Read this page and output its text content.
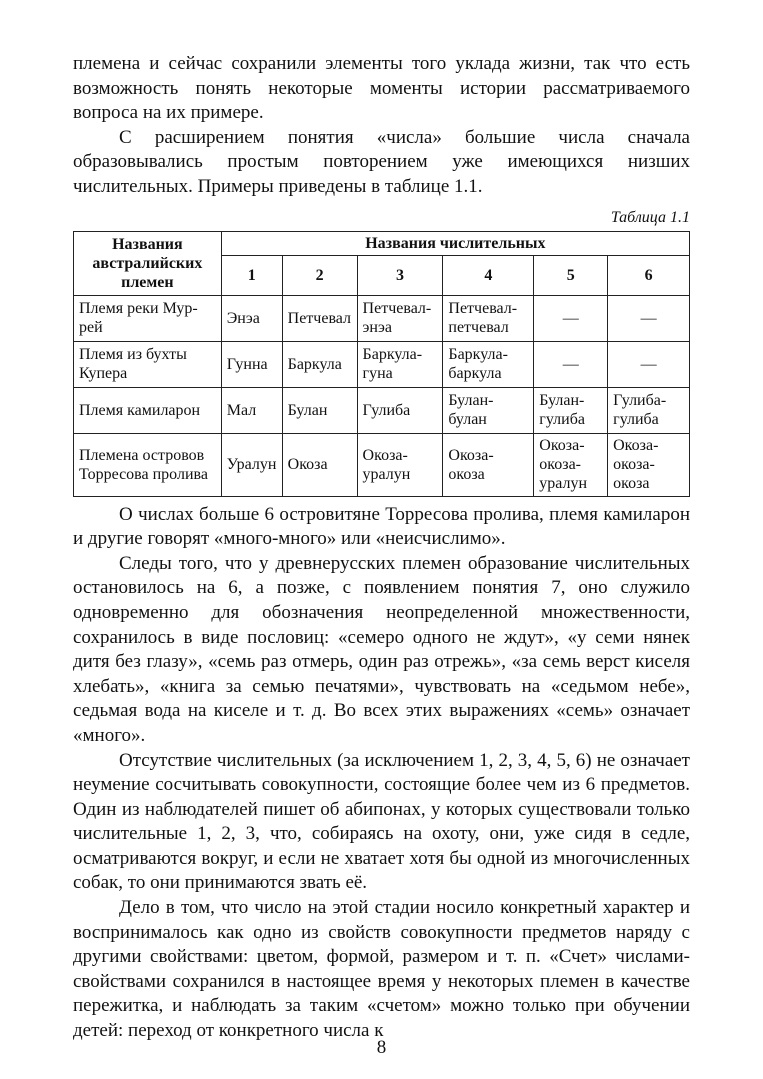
племена и сейчас сохранили элементы того уклада жизни, так что есть возможность понять некоторые моменты истории рассматриваемого вопроса на их примере.

С расширением понятия «числа» большие числа сначала образовывались простым повторением уже имеющихся низших числительных. Примеры приведены в таблице 1.1.

Таблица 1.1
Названия австралийских племен	Названия числительных					
	1	2	3	4	5	6
Племя реки Муррей	Энэа	Петчевал	Петчевал-энэа	Петчевал-петчевал	—	—
Племя из бухты Купера	Гунна	Баркула	Баркула-гуна	Баркула-баркула	—	—
Племя камиларон	Мал	Булан	Гулиба	Булан-булан	Булан-гулиба	Гулиба-гулиба
Племена островов Торресова пролива	Уралун	Окоза	Окоза-уралун	Окоза-окоза	Окоза-окоза-уралун	Окоза-окоза-окоза

О числах больше 6 островитяне Торресова пролива, племя камиларон и другие говорят «много-много» или «неисчислимо».

Следы того, что у древнерусских племен образование числительных остановилось на 6, а позже, с появлением понятия 7, оно служило одновременно для обозначения неопределенной множественности, сохранилось в виде пословиц: «семеро одного не ждут», «у семи нянек дитя без глазу», «семь раз отмерь, один раз отрежь», «за семь верст киселя хлебать», «книга за семью печатями», чувствовать на «седьмом небе», седьмая вода на киселе и т. д. Во всех этих выражениях «семь» означает «много».

Отсутствие числительных (за исключением 1, 2, 3, 4, 5, 6) не означает неумение сосчитывать совокупности, состоящие более чем из 6 предметов. Один из наблюдателей пишет об абипонах, у которых существовали только числительные 1, 2, 3, что, собираясь на охоту, они, уже сидя в седле, осматриваются вокруг, и если не хватает хотя бы одной из многочисленных собак, то они принимаются звать её.

Дело в том, что число на этой стадии носило конкретный характер и воспринималось как одно из свойств совокупности предметов наряду с другими свойствами: цветом, формой, размером и т. п. «Счет» числами-свойствами сохранился в настоящее время у некоторых племен в качестве пережитка, и наблюдать за таким «счетом» можно только при обучении детей: переход от конкретного числа к

8
